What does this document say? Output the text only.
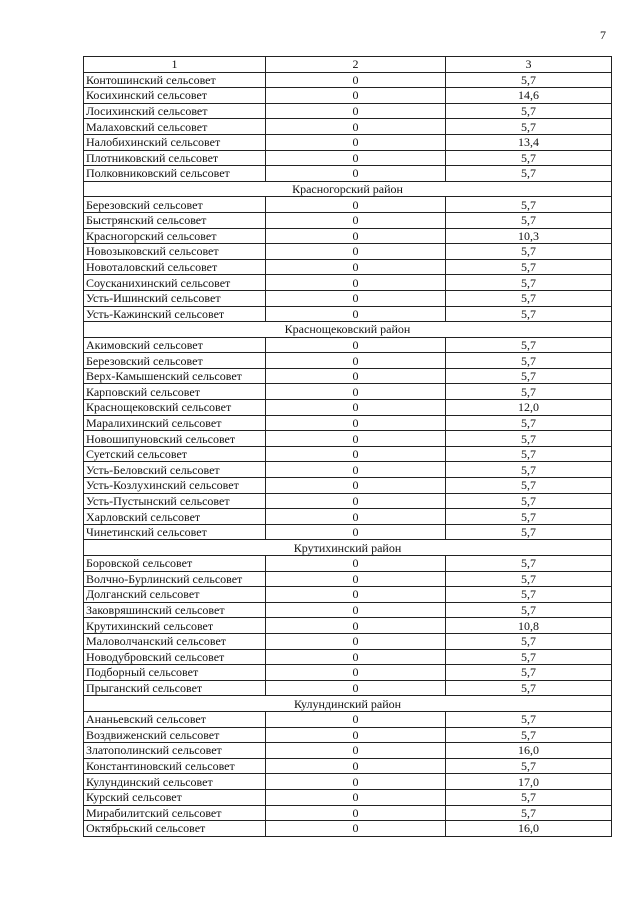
7
1	2	3
Контошинский сельсовет	0	5,7
Косихинский сельсовет	0	14,6
Лосихинский сельсовет	0	5,7
Малаховский сельсовет	0	5,7
Налобихинский сельсовет	0	13,4
Плотниковский сельсовет	0	5,7
Полковниковский сельсовет	0	5,7
Красногорский район		
Березовский сельсовет	0	5,7
Быстрянский сельсовет	0	5,7
Красногорский сельсовет	0	10,3
Новозыковский сельсовет	0	5,7
Новоталовский сельсовет	0	5,7
Соусканихинский сельсовет	0	5,7
Усть-Ишинский сельсовет	0	5,7
Усть-Кажинский сельсовет	0	5,7
Краснощековский район		
Акимовский сельсовет	0	5,7
Березовский сельсовет	0	5,7
Верх-Камышенский сельсовет	0	5,7
Карповский сельсовет	0	5,7
Краснощековский сельсовет	0	12,0
Маралихинский сельсовет	0	5,7
Новошипуновский сельсовет	0	5,7
Суетский сельсовет	0	5,7
Усть-Беловский сельсовет	0	5,7
Усть-Козлухинский сельсовет	0	5,7
Усть-Пустынский сельсовет	0	5,7
Харловский сельсовет	0	5,7
Чинетинский сельсовет	0	5,7
Крутихинский район		
Боровской сельсовет	0	5,7
Волчно-Бурлинский сельсовет	0	5,7
Долганский сельсовет	0	5,7
Заковряшинский сельсовет	0	5,7
Крутихинский сельсовет	0	10,8
Маловолчанский сельсовет	0	5,7
Новодубровский сельсовет	0	5,7
Подборный сельсовет	0	5,7
Прыганский сельсовет	0	5,7
Кулундинский район		
Ананьевский сельсовет	0	5,7
Воздвиженский сельсовет	0	5,7
Златополинский сельсовет	0	16,0
Константиновский сельсовет	0	5,7
Кулундинский сельсовет	0	17,0
Курский сельсовет	0	5,7
Мирабилитский сельсовет	0	5,7
Октябрьский сельсовет	0	16,0
